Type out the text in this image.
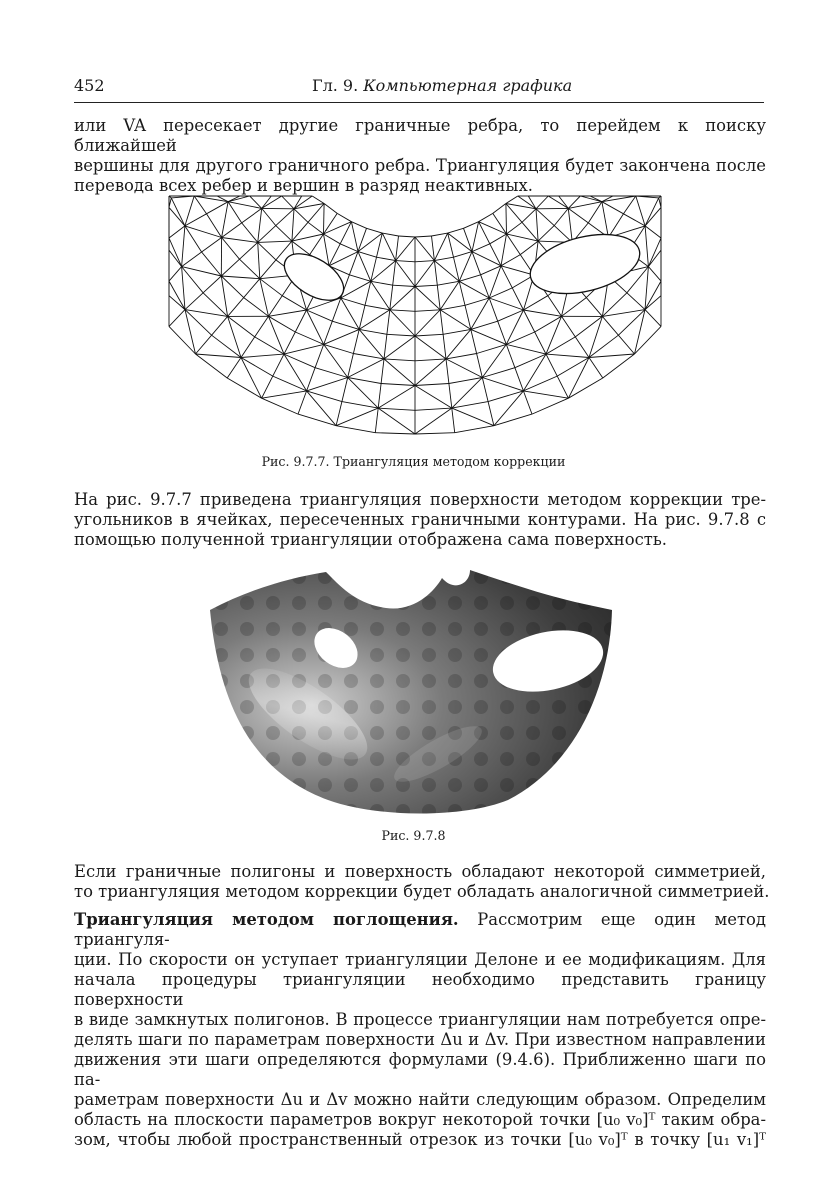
452	Гл. 9. Компьютерная графика
или VA пересекает другие граничные ребра, то перейдем к поиску ближайшей
вершины для другого граничного ребра. Триангуляция будет закончена после
перевода всех ребер и вершин в разряд неактивных.
Рис. 9.7.7. Триангуляция методом коррекции
На рис. 9.7.7 приведена триангуляция поверхности методом коррекции тре-
угольников в ячейках, пересеченных граничными контурами. На рис. 9.7.8 с
помощью полученной триангуляции отображена сама поверхность.
Рис. 9.7.8
Если граничные полигоны и поверхность обладают некоторой симметрией,
то триангуляция методом коррекции будет обладать аналогичной симметрией.
Триангуляция методом поглощения. Рассмотрим еще один метод триангуля-
ции. По скорости он уступает триангуляции Делоне и ее модификациям. Для
начала процедуры триангуляции необходимо представить границу поверхности
в виде замкнутых полигонов. В процессе триангуляции нам потребуется опре-
делять шаги по параметрам поверхности Δu и Δv. При известном направлении
движения эти шаги определяются формулами (9.4.6). Приближенно шаги по па-
раметрам поверхности Δu и Δv можно найти следующим образом. Определим
область на плоскости параметров вокруг некоторой точки [u₀ v₀]ᵀ таким обра-
зом, чтобы любой пространственный отрезок из точки [u₀ v₀]ᵀ в точку [u₁ v₁]ᵀ
